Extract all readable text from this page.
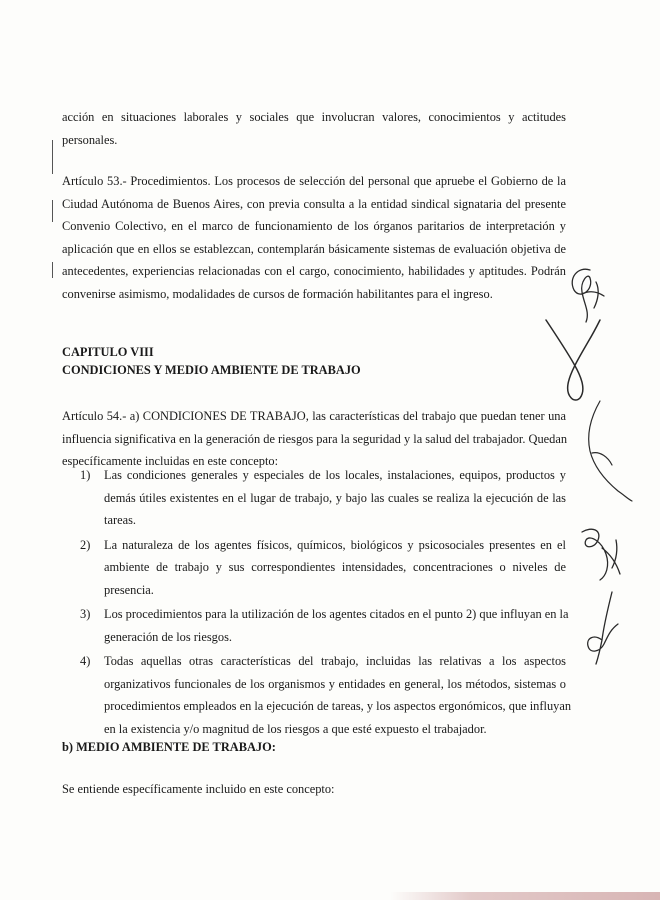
acción en situaciones laborales y sociales que involucran valores, conocimientos y actitudes
personales.
Artículo 53.- Procedimientos. Los procesos de selección del personal que apruebe el Gobierno de la
Ciudad Autónoma de Buenos Aires, con previa consulta a la entidad sindical signataria del presente
Convenio Colectivo, en el marco de funcionamiento de los órganos paritarios de interpretación y
aplicación que en ellos se establezcan, contemplarán básicamente sistemas de evaluación objetiva de
antecedentes, experiencias relacionadas con el cargo, conocimiento, habilidades y aptitudes. Podrán
convenirse asimismo, modalidades de cursos de formación habilitantes para el ingreso.
CAPITULO VIII
CONDICIONES Y MEDIO AMBIENTE DE TRABAJO
Artículo 54.- a) CONDICIONES DE TRABAJO, las características del trabajo que puedan tener una
influencia significativa en la generación de riesgos para la seguridad y la salud del trabajador. Quedan
específicamente incluidas en este concepto:
1) Las condiciones generales y especiales de los locales, instalaciones, equipos, productos y
demás útiles existentes en el lugar de trabajo, y bajo las cuales se realiza la ejecución de las
tareas.
2) La naturaleza de los agentes físicos, químicos, biológicos y psicosociales presentes en el
ambiente de trabajo y sus correspondientes intensidades, concentraciones o niveles de
presencia.
3) Los procedimientos para la utilización de los agentes citados en el punto 2) que influyan en la
generación de los riesgos.
4) Todas aquellas otras características del trabajo, incluidas las relativas a los aspectos
organizativos funcionales de los organismos y entidades en general, los métodos, sistemas o
procedimientos empleados en la ejecución de tareas, y los aspectos ergonómicos, que influyan
en la existencia y/o magnitud de los riesgos a que esté expuesto el trabajador.
b) MEDIO AMBIENTE DE TRABAJO:
Se entiende específicamente incluido en este concepto:
